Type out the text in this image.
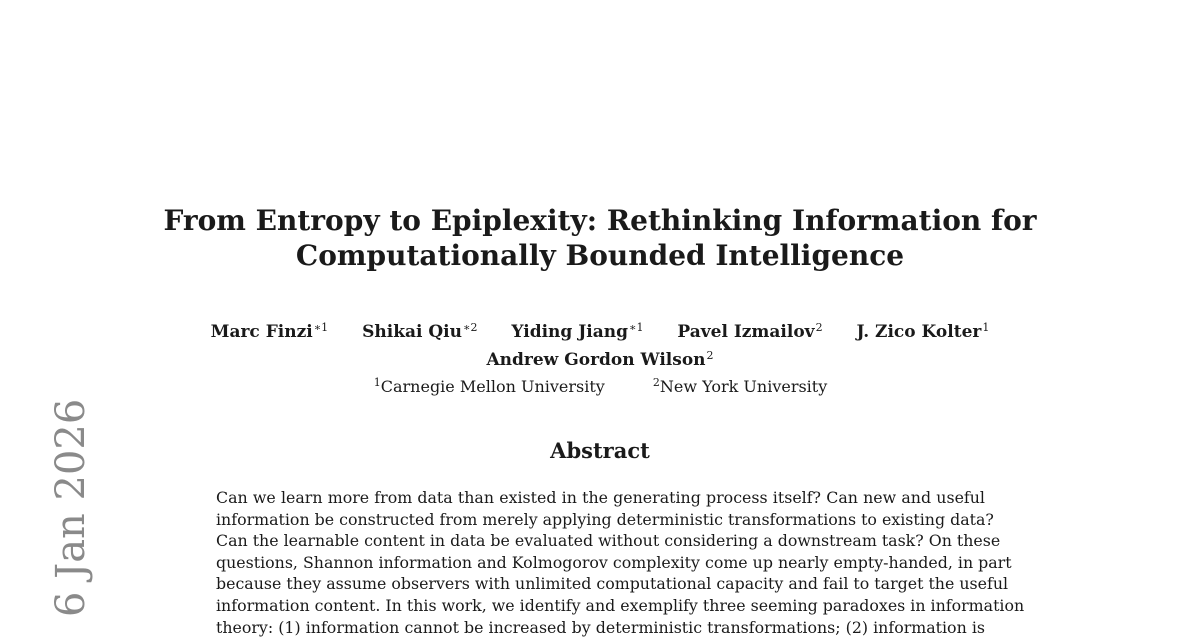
6 Jan 2026
From Entropy to Epiplexity: Rethinking Information for
Computationally Bounded Intelligence
Marc Finzi$^{∗1}$ Shikai Qiu$^{∗2}$ Yiding Jiang$^{∗1}$ Pavel Izmailov$^2$ J. Zico Kolter$^1$
Andrew Gordon Wilson$^2$
$^1$Carnegie Mellon University	$^2$New York University
Abstract
Can we learn more from data than existed in the generating process itself? Can new and useful
information be constructed from merely applying deterministic transformations to existing data?
Can the learnable content in data be evaluated without considering a downstream task? On these
questions, Shannon information and Kolmogorov complexity come up nearly empty-handed, in part
because they assume observers with unlimited computational capacity and fail to target the useful
information content. In this work, we identify and exemplify three seeming paradoxes in information
theory: (1) information cannot be increased by deterministic transformations; (2) information is
